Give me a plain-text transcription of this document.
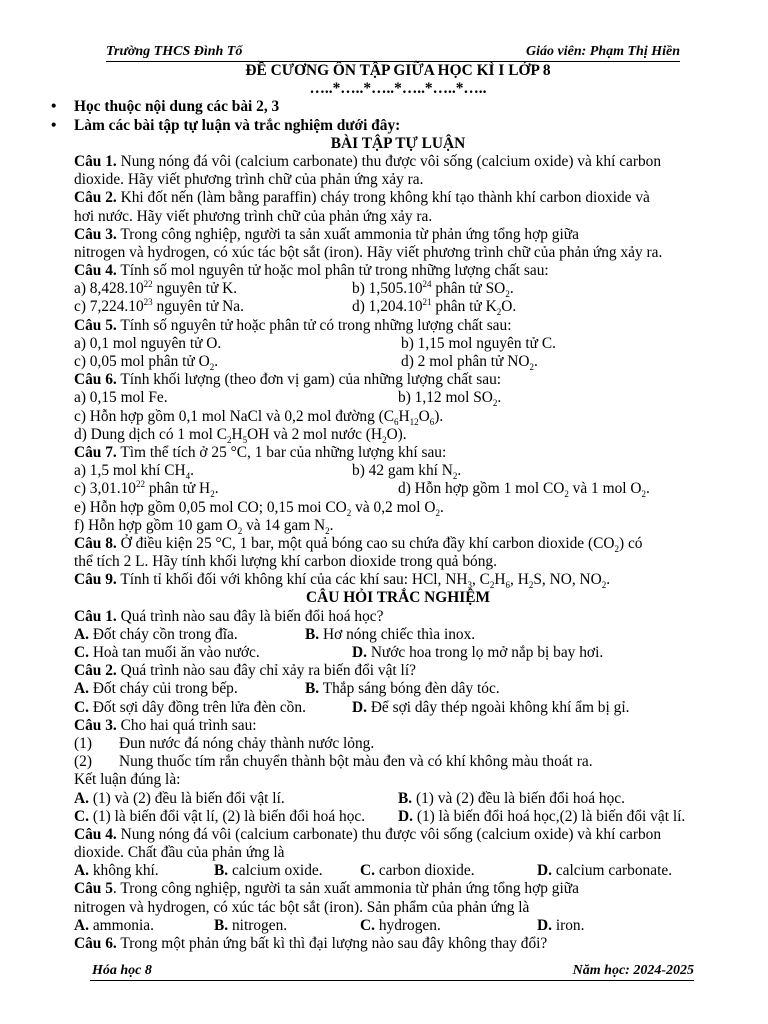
Trường THCS Đình Tổ	Giáo viên: Phạm Thị Hiền
ĐỀ CƯƠNG ÔN TẬP GIỮA HỌC KÌ I LỚP 8
…..*…..*…..*…..*…..*…..
• Học thuộc nội dung các bài 2, 3
• Làm các bài tập tự luận và trắc nghiệm dưới đây:
BÀI TẬP TỰ LUẬN
Câu 1. Nung nóng đá vôi (calcium carbonate) thu được vôi sống (calcium oxide) và khí carbon
dioxide. Hãy viết phương trình chữ của phản ứng xảy ra.
Câu 2. Khi đốt nến (làm bằng paraffin) cháy trong không khí tạo thành khí carbon dioxide và
hơi nước. Hãy viết phương trình chữ của phản ứng xảy ra.
Câu 3. Trong công nghiệp, người ta sản xuất ammonia từ phản ứng tổng hợp giữa
nitrogen và hydrogen, có xúc tác bột sắt (iron). Hãy viết phương trình chữ của phản ứng xảy ra.
Câu 4. Tính số mol nguyên tử hoặc mol phân tử trong những lượng chất sau:
a) 8,428.10$^{22}$ nguyên tử K.	b) 1,505.10$^{24}$ phân tử $SO_2$.
c) 7,224.10$^{23}$ nguyên tử Na.	d) 1,204.10$^{21}$ phân tử $K_2O$.
Câu 5. Tính số nguyên tử hoặc phân tử có trong những lượng chất sau:
a) 0,1 mol nguyên tử O.	b) 1,15 mol nguyên tử C.
c) 0,05 mol phân tử $O_2$.	d) 2 mol phân tử $NO_2$.
Câu 6. Tính khối lượng (theo đơn vị gam) của những lượng chất sau:
a) 0,15 mol Fe.	b) 1,12 mol $SO_2$.
c) Hỗn hợp gồm 0,1 mol NaCl và 0,2 mol đường $(C_6H_{12}O_6)$.
d) Dung dịch có 1 mol $C_2H_5OH$ và 2 mol nước $(H_2O)$.
Câu 7. Tìm thể tích ở 25 °C, 1 bar của những lượng khí sau:
a) 1,5 mol khí $CH_4$.	b) 42 gam khí $N_2$.
c) 3,01.10$^{22}$ phân tử $H_2$.	d) Hỗn hợp gồm 1 mol $CO_2$ và 1 mol $O_2$.
e) Hỗn hợp gồm 0,05 mol CO; 0,15 moi $CO_2$ và 0,2 mol $O_2$.
f) Hỗn hợp gồm 10 gam $O_2$ và 14 gam $N_2$.
Câu 8. Ở điều kiện 25 °C, 1 bar, một quả bóng cao su chứa đầy khí carbon dioxide $(CO_2)$ có
thể tích 2 L. Hãy tính khối lượng khí carbon dioxide trong quả bóng.
Câu 9. Tính tỉ khối đối với không khí của các khí sau: HCl, $NH_3$, $C_2H_6$, $H_2S$, NO, $NO_2$.
CÂU HỎI TRẮC NGHIỆM
Câu 1. Quá trình nào sau đây là biến đổi hoá học?
A. Đốt cháy cồn trong đĩa.	B. Hơ nóng chiếc thìa inox.
C. Hoà tan muối ăn vào nước.	D. Nước hoa trong lọ mở nắp bị bay hơi.
Câu 2. Quá trình nào sau đây chỉ xảy ra biến đổi vật lí?
A. Đốt cháy củi trong bếp.	B. Thắp sáng bóng đèn dây tóc.
C. Đốt sợi dây đồng trên lửa đèn cồn.	D. Để sợi dây thép ngoài không khí ẩm bị gỉ.
Câu 3. Cho hai quá trình sau:
(1) Đun nước đá nóng chảy thành nước lỏng.
(2) Nung thuốc tím rắn chuyển thành bột màu đen và có khí không màu thoát ra.
Kết luận đúng là:
A. (1) và (2) đều là biến đổi vật lí.	B. (1) và (2) đều là biến đổi hoá học.
C. (1) là biến đổi vật lí, (2) là biến đổi hoá học. D. (1) là biến đổi hoá học,(2) là biến đổi vật lí.
Câu 4. Nung nóng đá vôi (calcium carbonate) thu được vôi sống (calcium oxide) và khí carbon
dioxide. Chất đầu của phản ứng là
A. không khí.	B. calcium oxide. C. carbon dioxide.	D. calcium carbonate.
Câu 5. Trong công nghiệp, người ta sản xuất ammonia từ phản ứng tổng hợp giữa
nitrogen và hydrogen, có xúc tác bột sắt (iron). Sản phẩm của phản ứng là
A. ammonia.	B. nitrogen.	C. hydrogen.	D. iron.
Câu 6. Trong một phản ứng bất kì thì đại lượng nào sau đây không thay đổi?
Hóa học 8	Năm học: 2024-2025
